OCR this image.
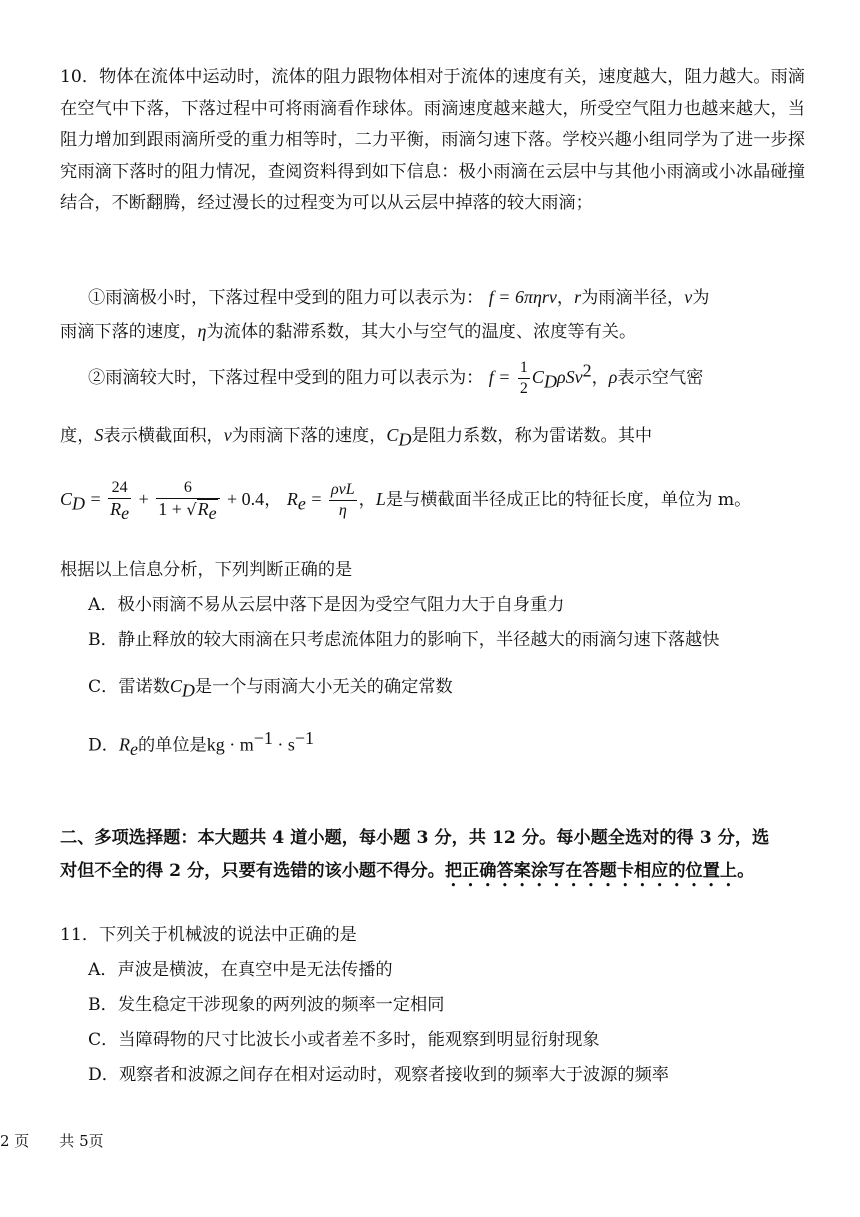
10．物体在流体中运动时，流体的阻力跟物体相对于流体的速度有关，速度越大，阻力越大。雨滴在空气中下落，下落过程中可将雨滴看作球体。雨滴速度越来越大，所受空气阻力也越来越大，当阻力增加到跟雨滴所受的重力相等时，二力平衡，雨滴匀速下落。学校兴趣小组同学为了进一步探究雨滴下落时的阻力情况，查阅资料得到如下信息：极小雨滴在云层中与其他小雨滴或小冰晶碰撞结合，不断翻腾，经过漫长的过程变为可以从云层中掉落的较大雨滴；
①雨滴极小时，下落过程中受到的阻力可以表示为： f = 6πηrv，r为雨滴半径，v为
雨滴下落的速度，η为流体的黏滞系数，其大小与空气的温度、浓度等有关。
②雨滴较大时，下落过程中受到的阻力可以表示为： $f = \frac{1}{2} C_D\rho Sv^2$，ρ表示空气密
度，S表示横截面积，v为雨滴下落的速度，$C_D$是阻力系数，称为雷诺数。其中
$C_D = \frac{24}{R_e} + \frac{6}{1 + √R_e} + 0.4$， $R_e = \frac{\text{ρvL}}{\eta}$ ，L是与横截面半径成正比的特征长度，单位为 m。
根据以上信息分析，下列判断正确的是
A．极小雨滴不易从云层中落下是因为受空气阻力大于自身重力
B．静止释放的较大雨滴在只考虑流体阻力的影响下，半径越大的雨滴匀速下落越快
C．雷诺数$C_D$是一个与雨滴大小无关的确定常数
D．$R_e$的单位是kg · $m^{-1} \cdot s^{-1}$
二、多项选择题：本大题共 4 道小题，每小题 3 分，共 12 分。每小题全选对的得 3 分，选
对但不全的得 2 分，只要有选错的该小题不得分。把正确答案涂写在答题卡相应的位置上。
11．下列关于机械波的说法中正确的是
A．声波是横波，在真空中是无法传播的
B．发生稳定干涉现象的两列波的频率一定相同
C．当障碍物的尺寸比波长小或者差不多时，能观察到明显衍射现象
D．观察者和波源之间存在相对运动时，观察者接收到的频率大于波源的频率
2 页　　共 5页
